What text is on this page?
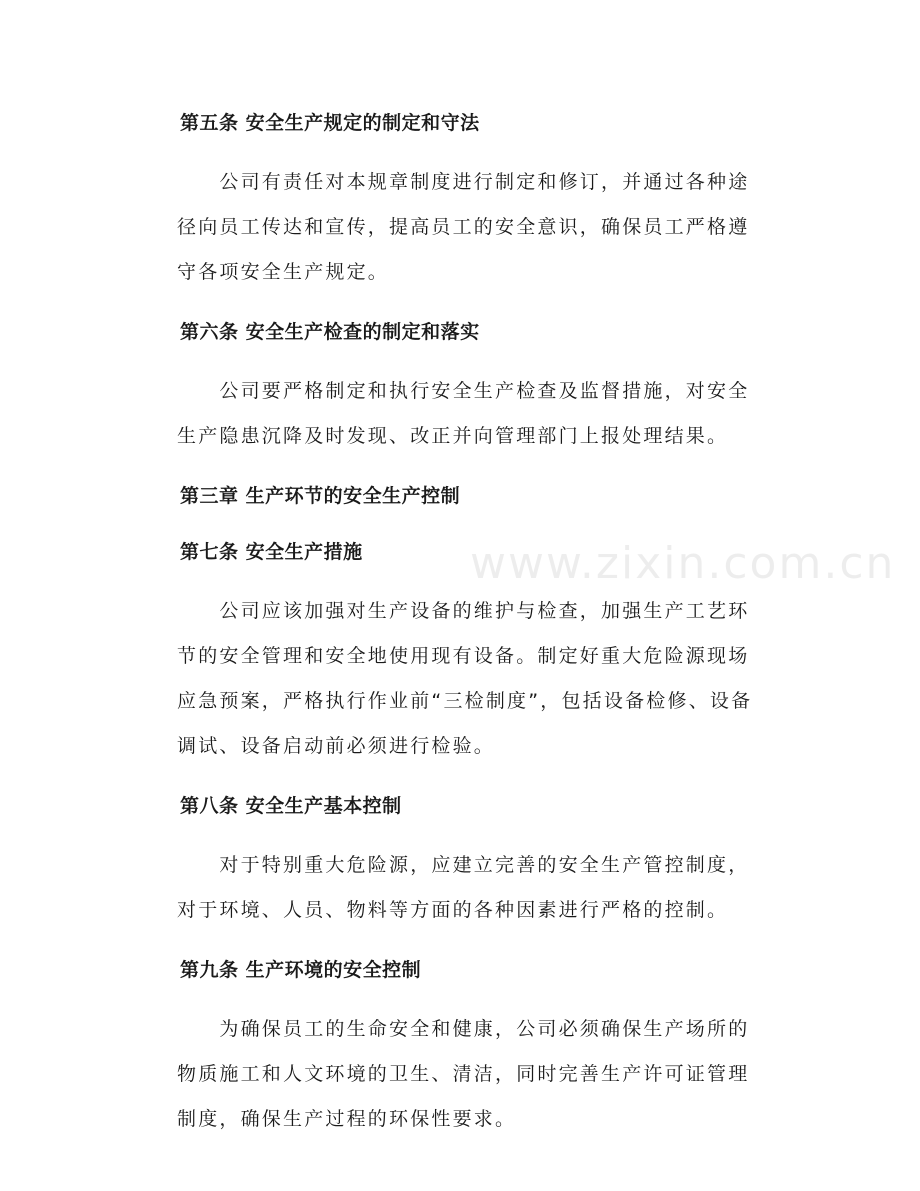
第五条 安全生产规定的制定和守法
　　公司有责任对本规章制度进行制定和修订，并通过各种途径向员工传达和宣传，提高员工的安全意识，确保员工严格遵守各项安全生产规定。
第六条 安全生产检查的制定和落实
　　公司要严格制定和执行安全生产检查及监督措施，对安全生产隐患沉降及时发现、改正并向管理部门上报处理结果。
第三章 生产环节的安全生产控制
第七条 安全生产措施
　　公司应该加强对生产设备的维护与检查，加强生产工艺环节的安全管理和安全地使用现有设备。制定好重大危险源现场应急预案，严格执行作业前“三检制度”，包括设备检修、设备调试、设备启动前必须进行检验。
第八条 安全生产基本控制
　　对于特别重大危险源，应建立完善的安全生产管控制度，对于环境、人员、物料等方面的各种因素进行严格的控制。
第九条 生产环境的安全控制
　　为确保员工的生命安全和健康，公司必须确保生产场所的物质施工和人文环境的卫生、清洁，同时完善生产许可证管理制度，确保生产过程的环保性要求。
www.zixin.com.cn
